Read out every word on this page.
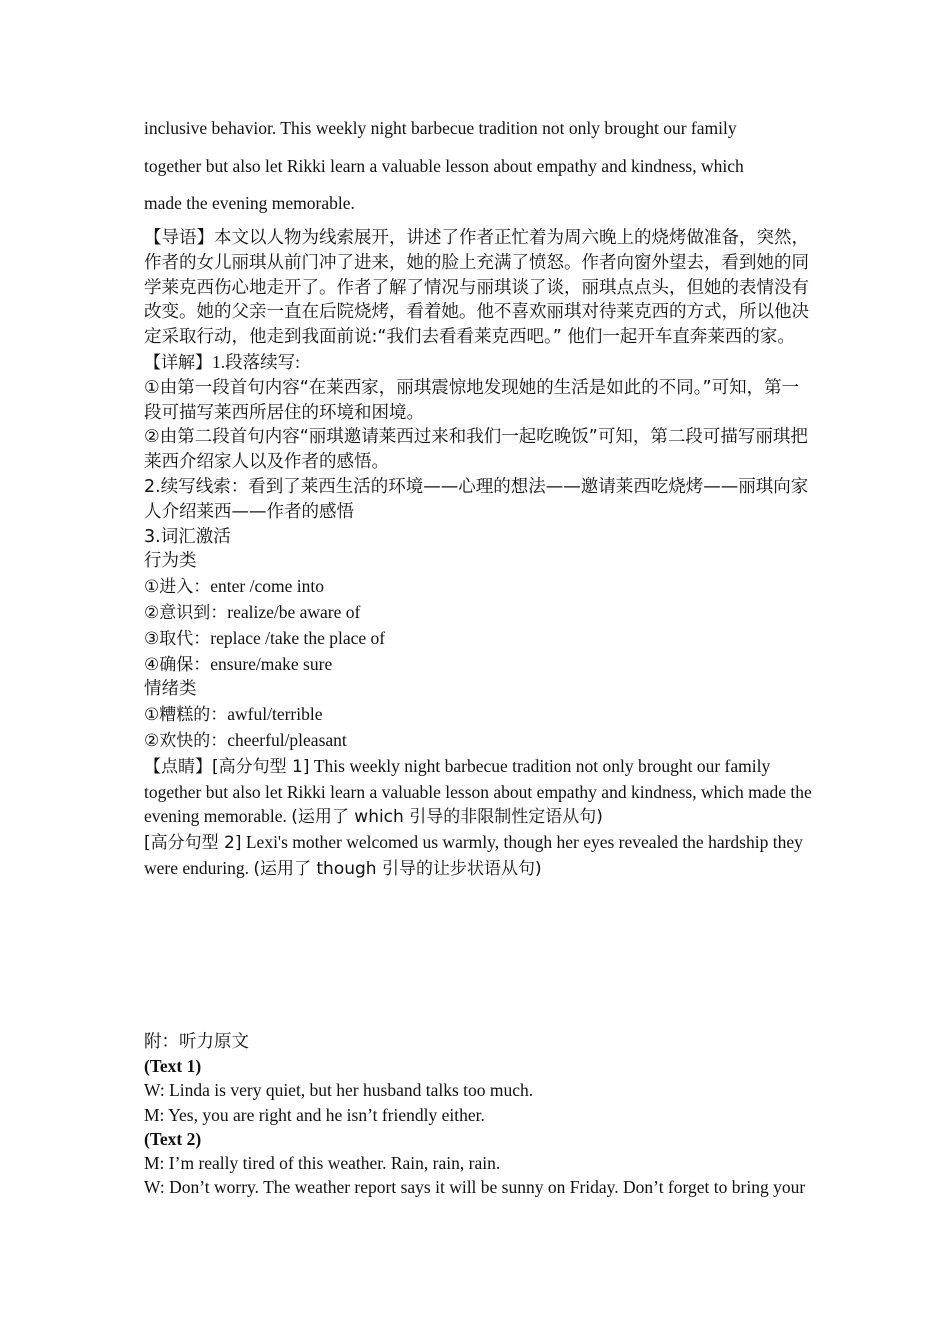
inclusive behavior. This weekly night barbecue tradition not only brought our family

together but also let Rikki learn a valuable lesson about empathy and kindness, which

made the evening memorable.

【导语】本文以人物为线索展开，讲述了作者正忙着为周六晚上的烧烤做准备，突然，作者的女儿丽琪从前门冲了进来，她的脸上充满了愤怒。作者向窗外望去，看到她的同学莱克西伤心地走开了。作者了解了情况与丽琪谈了谈，丽琪点点头，但她的表情没有改变。她的父亲一直在后院烧烤，看着她。他不喜欢丽琪对待莱克西的方式，所以他决定采取行动，他走到我面前说:“我们去看看莱克西吧。” 他们一起开车直奔莱西的家。

【详解】1.段落续写:

①由第一段首句内容“在莱西家，丽琪震惊地发现她的生活是如此的不同。”可知，第一段可描写莱西所居住的环境和困境。

②由第二段首句内容“丽琪邀请莱西过来和我们一起吃晚饭”可知，第二段可描写丽琪把莱西介绍家人以及作者的感悟。

2.续写线索：看到了莱西生活的环境——心理的想法——邀请莱西吃烧烤——丽琪向家人介绍莱西——作者的感悟

3.词汇激活

行为类

①进入：enter /come into

②意识到：realize/be aware of

③取代：replace /take the place of

④确保：ensure/make sure

情绪类

①糟糕的：awful/terrible

②欢快的：cheerful/pleasant

【点睛】[高分句型 1] This weekly night barbecue tradition not only brought our family together but also let Rikki learn a valuable lesson about empathy and kindness, which made the evening memorable. (运用了 which 引导的非限制性定语从句)

[高分句型 2] Lexi's mother welcomed us warmly, though her eyes revealed the hardship they were enduring. (运用了 though 引导的让步状语从句)

附：听力原文

(Text 1)

W: Linda is very quiet, but her husband talks too much.

M: Yes, you are right and he isn’t friendly either.

(Text 2)

M: I’m really tired of this weather. Rain, rain, rain.

W: Don’t worry. The weather report says it will be sunny on Friday. Don’t forget to bring your
